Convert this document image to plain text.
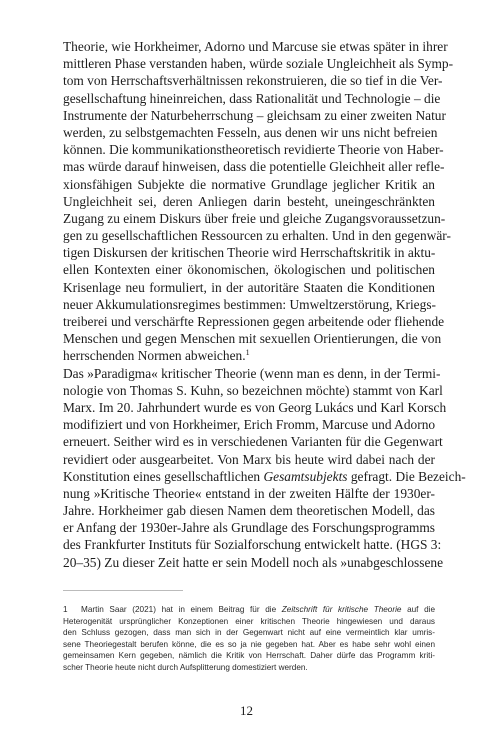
Theorie, wie Horkheimer, Adorno und Marcuse sie etwas später in ihrer
mittleren Phase verstanden haben, würde soziale Ungleichheit als Symp-
tom von Herrschaftsverhältnissen rekonstruieren, die so tief in die Ver-
gesellschaftung hineinreichen, dass Rationalität und Technologie – die
Instrumente der Naturbeherrschung – gleichsam zu einer zweiten Natur
werden, zu selbstgemachten Fesseln, aus denen wir uns nicht befreien
können. Die kommunikationstheoretisch revidierte Theorie von Haber-
mas würde darauf hinweisen, dass die potentielle Gleichheit aller refle-
xionsfähigen Subjekte die normative Grundlage jeglicher Kritik an
Ungleichheit sei, deren Anliegen darin besteht, uneingeschränkten
Zugang zu einem Diskurs über freie und gleiche Zugangsvoraussetzun-
gen zu gesellschaftlichen Ressourcen zu erhalten. Und in den gegenwär-
tigen Diskursen der kritischen Theorie wird Herrschaftskritik in aktu-
ellen Kontexten einer ökonomischen, ökologischen und politischen
Krisenlage neu formuliert, in der autoritäre Staaten die Konditionen
neuer Akkumulationsregimes bestimmen: Umweltzerstörung, Kriegs-
treiberei und verschärfte Repressionen gegen arbeitende oder fliehende
Menschen und gegen Menschen mit sexuellen Orientierungen, die von
herrschenden Normen abweichen.$^1$
Das »Paradigma« kritischer Theorie (wenn man es denn, in der Termi-
nologie von Thomas S. Kuhn, so bezeichnen möchte) stammt von Karl
Marx. Im 20. Jahrhundert wurde es von Georg Lukács und Karl Korsch
modifiziert und von Horkheimer, Erich Fromm, Marcuse und Adorno
erneuert. Seither wird es in verschiedenen Varianten für die Gegenwart
revidiert oder ausgearbeitet. Von Marx bis heute wird dabei nach der
Konstitution eines gesellschaftlichen Gesamtsubjekts gefragt. Die Bezeich-
nung »Kritische Theorie« entstand in der zweiten Hälfte der 1930er-
Jahre. Horkheimer gab diesen Namen dem theoretischen Modell, das
er Anfang der 1930er-Jahre als Grundlage des Forschungsprogramms
des Frankfurter Instituts für Sozialforschung entwickelt hatte. (HGS 3:
20–35) Zu dieser Zeit hatte er sein Modell noch als »unabgeschlossene
1 Martin Saar (2021) hat in einem Beitrag für die Zeitschrift für kritische Theorie auf die
Heterogenität ursprünglicher Konzeptionen einer kritischen Theorie hingewiesen und daraus
den Schluss gezogen, dass man sich in der Gegenwart nicht auf eine vermeintlich klar umris-
sene Theoriegestalt berufen könne, die es so ja nie gegeben hat. Aber es habe sehr wohl einen
gemeinsamen Kern gegeben, nämlich die Kritik von Herrschaft. Daher dürfe das Programm kriti-
scher Theorie heute nicht durch Aufsplitterung domestiziert werden.
12
